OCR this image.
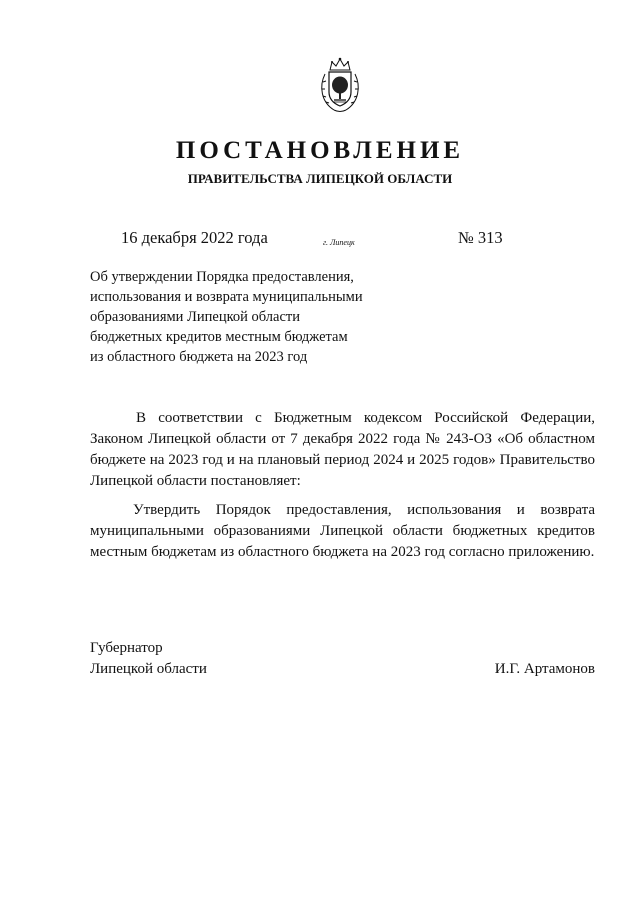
ПОСТАНОВЛЕНИЕ
ПРАВИТЕЛЬСТВА ЛИПЕЦКОЙ ОБЛАСТИ
16 декабря 2022 года	г. Липецк	№ 313
Об утверждении Порядка предоставления,
использования и возврата муниципальными
образованиями Липецкой области
бюджетных кредитов местным бюджетам
из областного бюджета на 2023 год
В соответствии с Бюджетным кодексом Российской Федерации, Законом Липецкой области от 7 декабря 2022 года № 243-ОЗ «Об областном бюджете на 2023 год и на плановый период 2024 и 2025 годов» Правительство Липецкой области постановляет:
Утвердить Порядок предоставления, использования и возврата муниципальными образованиями Липецкой области бюджетных кредитов местным бюджетам из областного бюджета на 2023 год согласно приложению.
Губернатор
Липецкой области	И.Г. Артамонов
